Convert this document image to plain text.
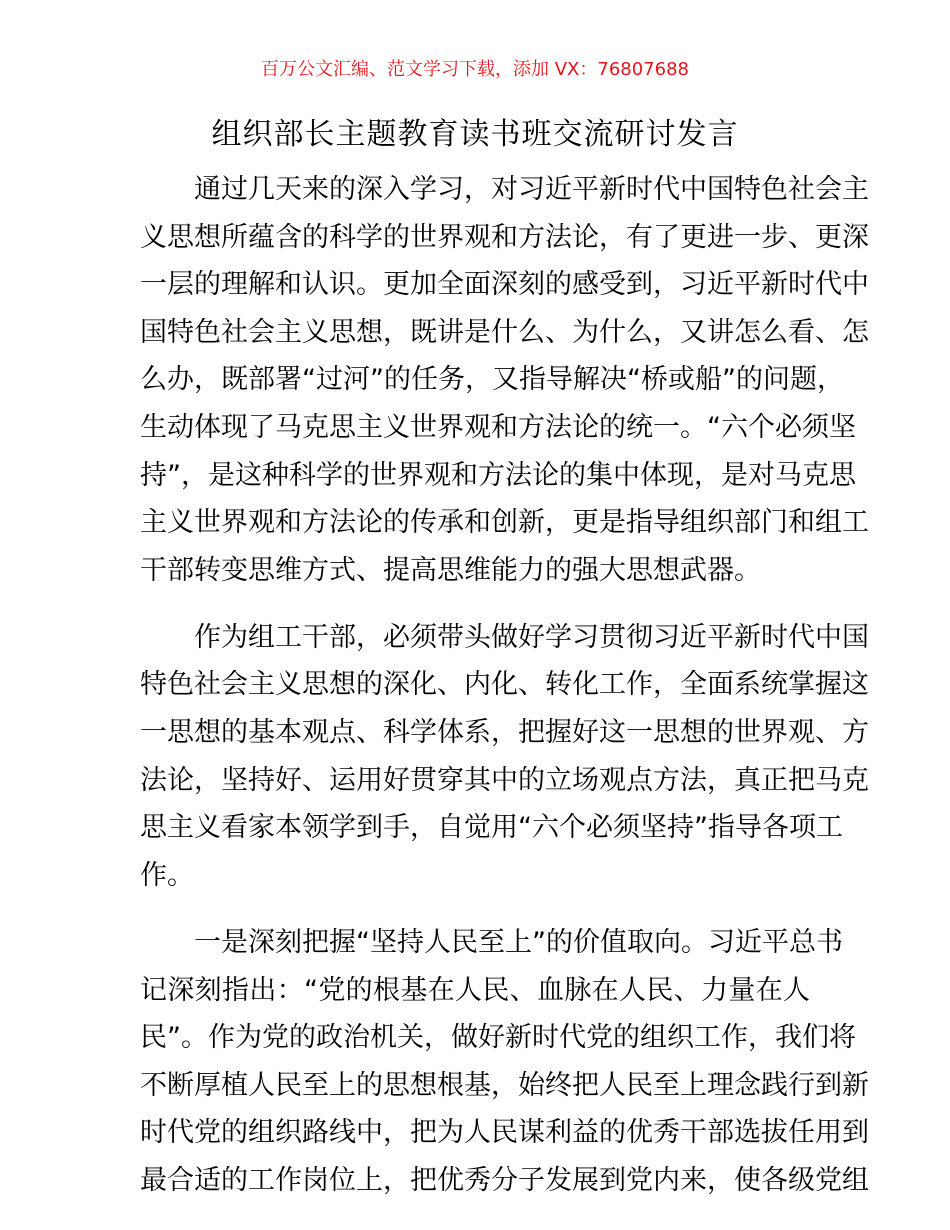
百万公文汇编、范文学习下载，添加 VX：76807688
组织部长主题教育读书班交流研讨发言
通过几天来的深入学习，对习近平新时代中国特色社会主
义思想所蕴含的科学的世界观和方法论，有了更进一步、更深
一层的理解和认识。更加全面深刻的感受到，习近平新时代中
国特色社会主义思想，既讲是什么、为什么，又讲怎么看、怎
么办，既部署“过河”的任务，又指导解决“桥或船”的问题，
生动体现了马克思主义世界观和方法论的统一。“六个必须坚
持”，是这种科学的世界观和方法论的集中体现，是对马克思
主义世界观和方法论的传承和创新，更是指导组织部门和组工
干部转变思维方式、提高思维能力的强大思想武器。
作为组工干部，必须带头做好学习贯彻习近平新时代中国
特色社会主义思想的深化、内化、转化工作，全面系统掌握这
一思想的基本观点、科学体系，把握好这一思想的世界观、方
法论，坚持好、运用好贯穿其中的立场观点方法，真正把马克
思主义看家本领学到手，自觉用“六个必须坚持”指导各项工
作。
一是深刻把握“坚持人民至上”的价值取向。习近平总书
记深刻指出：“党的根基在人民、血脉在人民、力量在人
民”。作为党的政治机关，做好新时代党的组织工作，我们将
不断厚植人民至上的思想根基，始终把人民至上理念践行到新
时代党的组织路线中，把为人民谋利益的优秀干部选拔任用到
最合适的工作岗位上，把优秀分子发展到党内来，使各级党组
